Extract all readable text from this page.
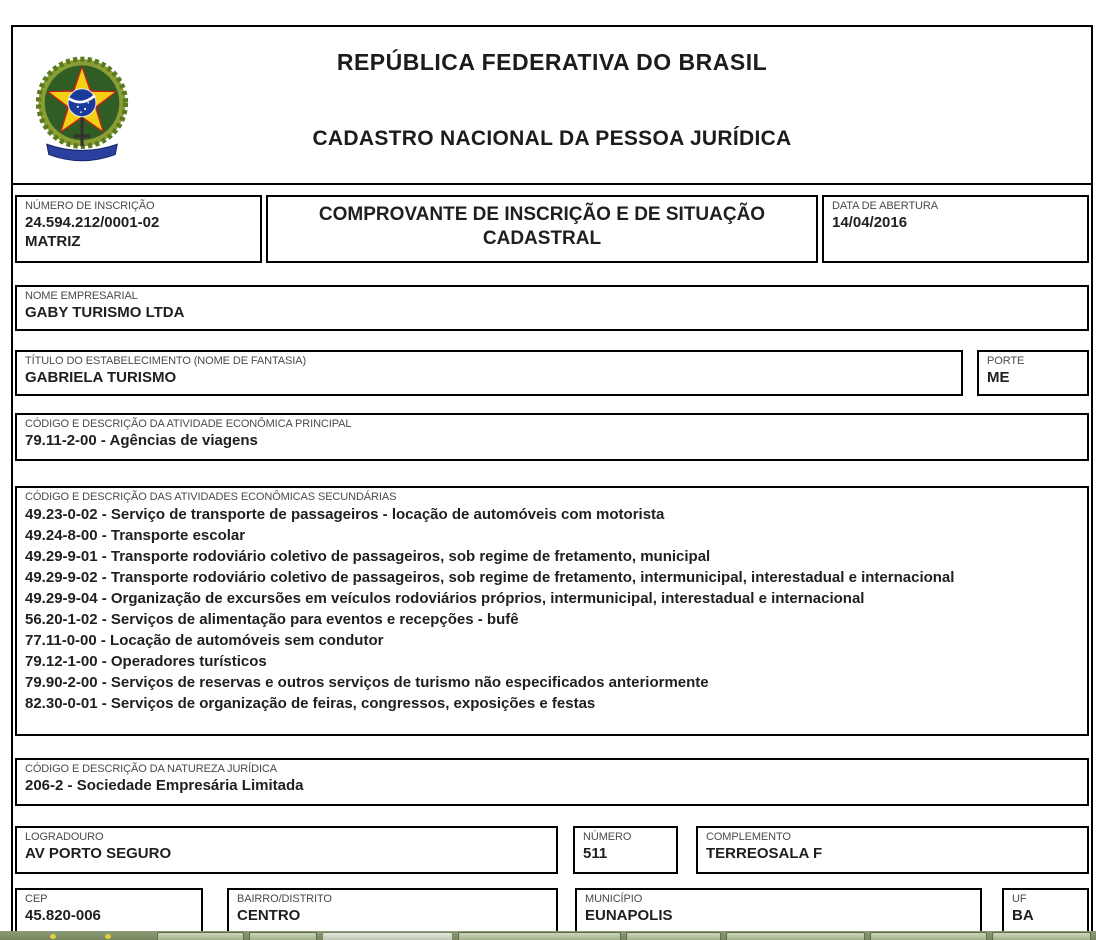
REPÚBLICA FEDERATIVA DO BRASIL
CADASTRO NACIONAL DA PESSOA JURÍDICA
NÚMERO DE INSCRIÇÃO
24.594.212/0001-02
MATRIZ
COMPROVANTE DE INSCRIÇÃO E DE SITUAÇÃO CADASTRAL
DATA DE ABERTURA
14/04/2016
NOME EMPRESARIAL
GABY TURISMO LTDA
TÍTULO DO ESTABELECIMENTO (NOME DE FANTASIA)
GABRIELA TURISMO
PORTE
ME
CÓDIGO E DESCRIÇÃO DA ATIVIDADE ECONÔMICA PRINCIPAL
79.11-2-00 - Agências de viagens
CÓDIGO E DESCRIÇÃO DAS ATIVIDADES ECONÔMICAS SECUNDÁRIAS
49.23-0-02 - Serviço de transporte de passageiros - locação de automóveis com motorista
49.24-8-00 - Transporte escolar
49.29-9-01 - Transporte rodoviário coletivo de passageiros, sob regime de fretamento, municipal
49.29-9-02 - Transporte rodoviário coletivo de passageiros, sob regime de fretamento, intermunicipal, interestadual e internacional
49.29-9-04 - Organização de excursões em veículos rodoviários próprios, intermunicipal, interestadual e internacional
56.20-1-02 - Serviços de alimentação para eventos e recepções - bufê
77.11-0-00 - Locação de automóveis sem condutor
79.12-1-00 - Operadores turísticos
79.90-2-00 - Serviços de reservas e outros serviços de turismo não especificados anteriormente
82.30-0-01 - Serviços de organização de feiras, congressos, exposições e festas
CÓDIGO E DESCRIÇÃO DA NATUREZA JURÍDICA
206-2 - Sociedade Empresária Limitada
LOGRADOURO
AV PORTO SEGURO
NÚMERO
511
COMPLEMENTO
TERREOSALA F
CEP
45.820-006
BAIRRO/DISTRITO
CENTRO
MUNICÍPIO
EUNAPOLIS
UF
BA
